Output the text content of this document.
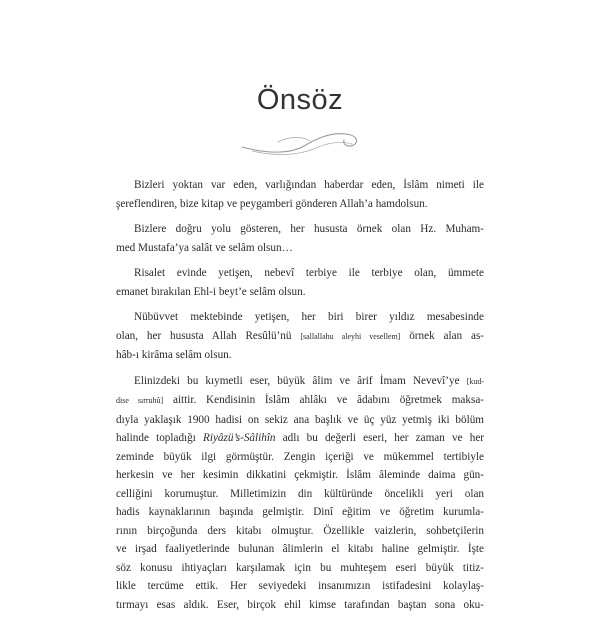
Önsöz

Bizleri yoktan var eden, varlığından haberdar eden, İslâm nimeti ile
şereflendiren, bize kitap ve peygamberi gönderen Allah’a hamdolsun.

Bizlere doğru yolu gösteren, her hususta örnek olan Hz. Muham-
med Mustafa’ya salât ve selâm olsun…

Risalet evinde yetişen, nebevî terbiye ile terbiye olan, ümmete
emanet bırakılan Ehl-i beyt’e selâm olsun.

Nübüvvet mektebinde yetişen, her biri birer yıldız mesabesinde
olan, her hususta Allah Resûlü’nü [sallallahu aleyhi vesellem] örnek alan as-
hâb-ı kirâma selâm olsun.

Elinizdeki bu kıymetli eser, büyük âlim ve ârif İmam Nevevî’ye [kud-
dise sırruhû] aittir. Kendisinin İslâm ahlâkı ve âdabını öğretmek maksa-
dıyla yaklaşık 1900 hadisi on sekiz ana başlık ve üç yüz yetmiş iki bölüm
halinde topladığı Riyâzü’s-Sâlihîn adlı bu değerli eseri, her zaman ve her
zeminde büyük ilgi görmüştür. Zengin içeriği ve mükemmel tertibiyle
herkesin ve her kesimin dikkatini çekmiştir. İslâm âleminde daima gün-
celliğini korumuştur. Milletimizin din kültüründe öncelikli yeri olan
hadis kaynaklarının başında gelmiştir. Dinî eğitim ve öğretim kurumla-
rının birçoğunda ders kitabı olmuştur. Özellikle vaizlerin, sohbetçilerin
ve irşad faaliyetlerinde bulunan âlimlerin el kitabı haline gelmiştir. İşte
söz konusu ihtiyaçları karşılamak için bu muhteşem eseri büyük titiz-
likle tercüme ettik. Her seviyedeki insanımızın istifadesini kolaylaş-
tırmayı esas aldık. Eser, birçok ehil kimse tarafından baştan sona oku-
